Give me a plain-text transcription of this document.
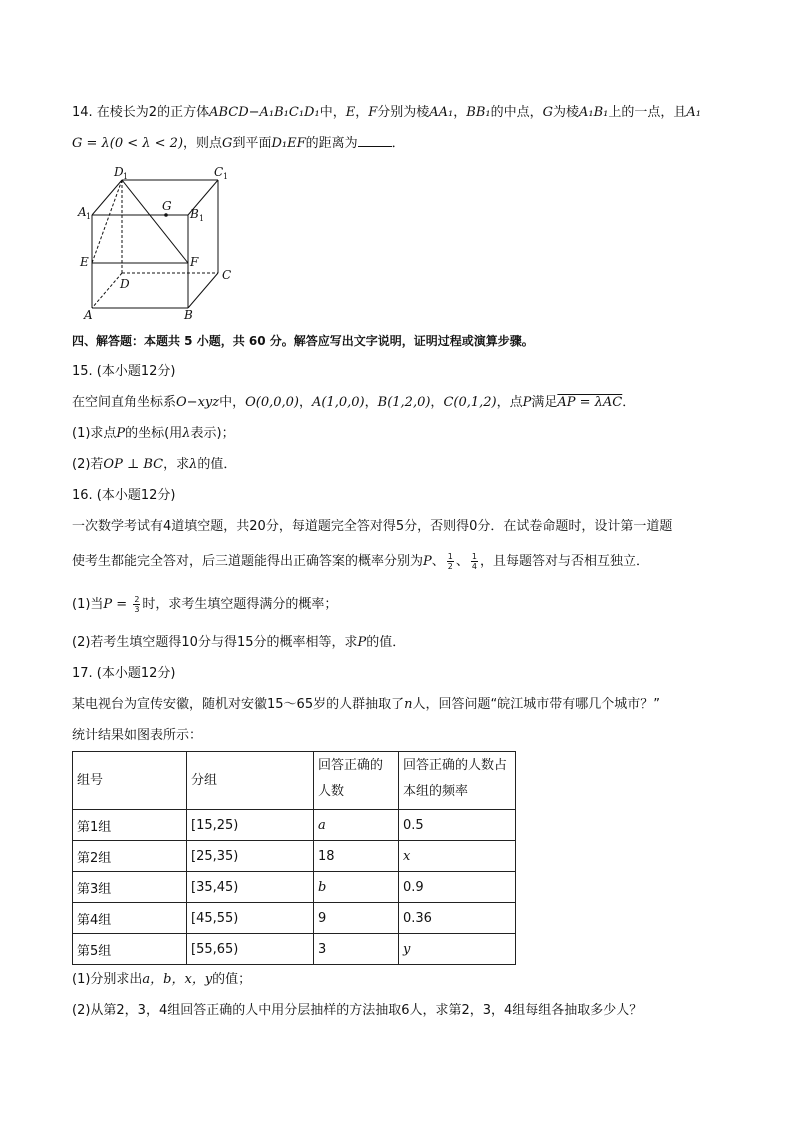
14. 在棱长为2的正方体ABCD−A₁B₁C₁D₁中，E，F分别为棱AA₁，BB₁的中点，G为棱A₁B₁上的一点，且A₁
G = λ(0 < λ < 2)，则点G到平面D₁EF的距离为	．
D 1	C 1
A 1	B 1
G
E	F
C
D
A	B
四、解答题：本题共 5 小题，共 60 分。解答应写出文字说明，证明过程或演算步骤。
15. (本小题12分)
在空间直角坐标系O−xyz中，O(0,0,0)，A(1,0,0)，B(1,2,0)，C(0,1,2)，点P满足AP = λAC．
(1)求点P的坐标(用λ表示)；
(2)若OP ⊥ BC，求λ的值．
16. (本小题12分)
一次数学考试有4道填空题，共20分，每道题完全答对得5分，否则得0分．在试卷命题时，设计第一道题
使考生都能完全答对，后三道题能得出正确答案的概率分别为P、 $\frac{1}{2}$ 、 $\frac{1}{4}$ ，且每题答对与否相互独立．
(1)当$P = \frac{2}{3}$ 时，求考生填空题得满分的概率；
(2)若考生填空题得10分与得15分的概率相等，求P的值．
17. (本小题12分)
某电视台为宣传安徽，随机对安徽15～65岁的人群抽取了n人，回答问题“皖江城市带有哪几个城市？”
统计结果如图表所示：
组号	分组	回答正确的人数	回答正确的人数占本组的频率
第1组	[15,25)	a	0.5
第2组	[25,35)	18	x
第3组	[35,45)	b	0.9
第4组	[45,55)	9	0.36
第5组	[55,65)	3	y
(1)分别求出a，b，x，y的值；
(2)从第2，3，4组回答正确的人中用分层抽样的方法抽取6人，求第2，3，4组每组各抽取多少人？
